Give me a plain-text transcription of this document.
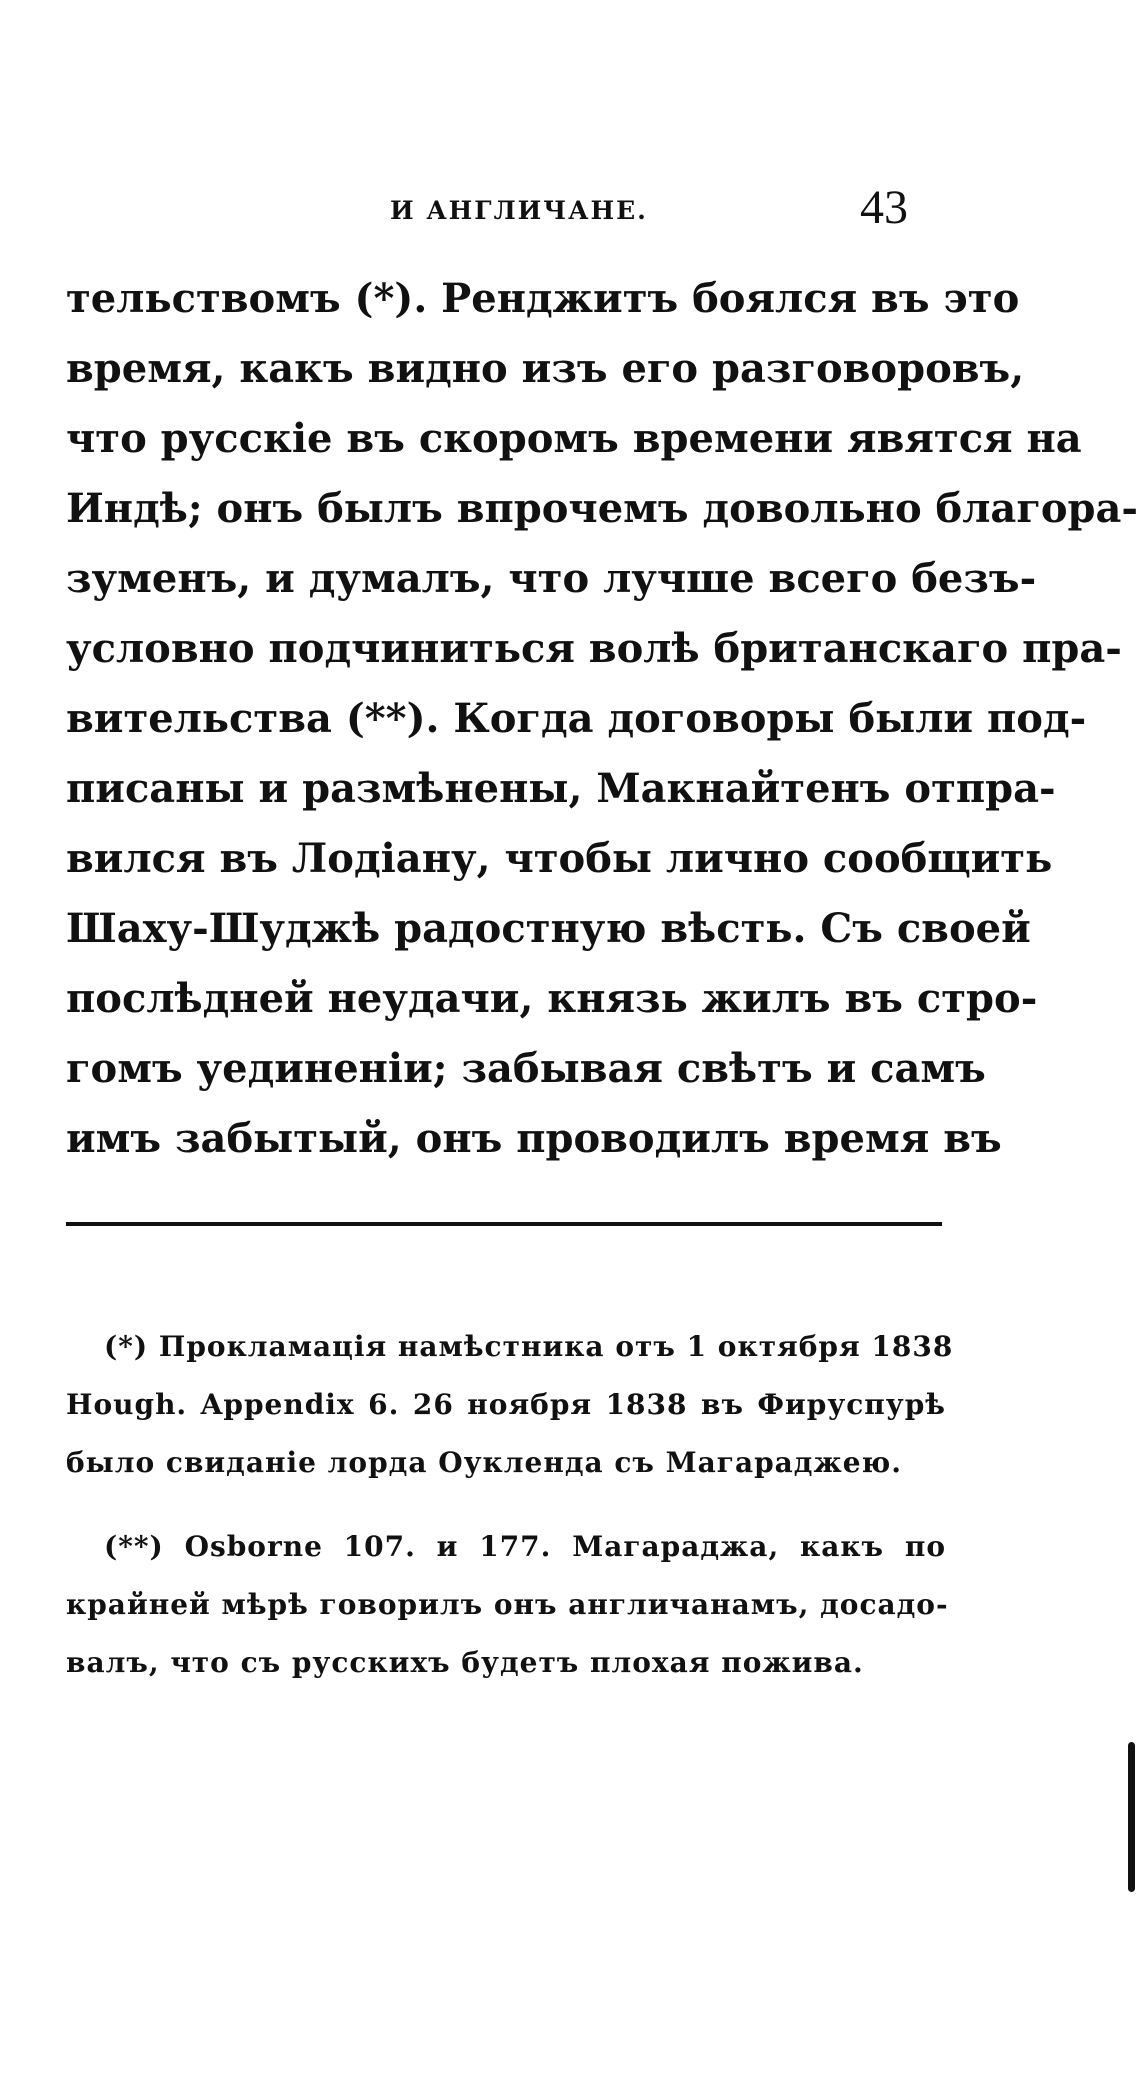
И АНГЛИЧАНЕ.	43
тельствомъ (*). Ренджитъ боялся въ это
время, какъ видно изъ его разговоровъ,
что русскіе въ скоромъ времени явятся на
Индѣ; онъ былъ впрочемъ довольно благора-
зуменъ, и думалъ, что лучше всего безъ-
условно подчиниться волѣ британскаго пра-
вительства (**). Когда договоры были под-
писаны и размѣнены, Макнайтенъ отпра-
вился въ Лодіану, чтобы лично сообщить
Шаху-Шуджѣ радостную вѣсть. Съ своей
послѣдней неудачи, князь жилъ въ стро-
гомъ уединеніи; забывая свѣтъ и самъ
имъ забытый, онъ проводилъ время въ
(*) Прокламація намѣстника отъ 1 октября 1838
Hough. Appendix 6. 26 ноября 1838 въ Фируспурѣ
было свиданіе лорда Оукленда съ Магараджею.
(**) Osborne 107. и 177. Магараджа, какъ по
крайней мѣрѣ говорилъ онъ англичанамъ, досадо-
валъ, что съ русскихъ будетъ плохая пожива.
